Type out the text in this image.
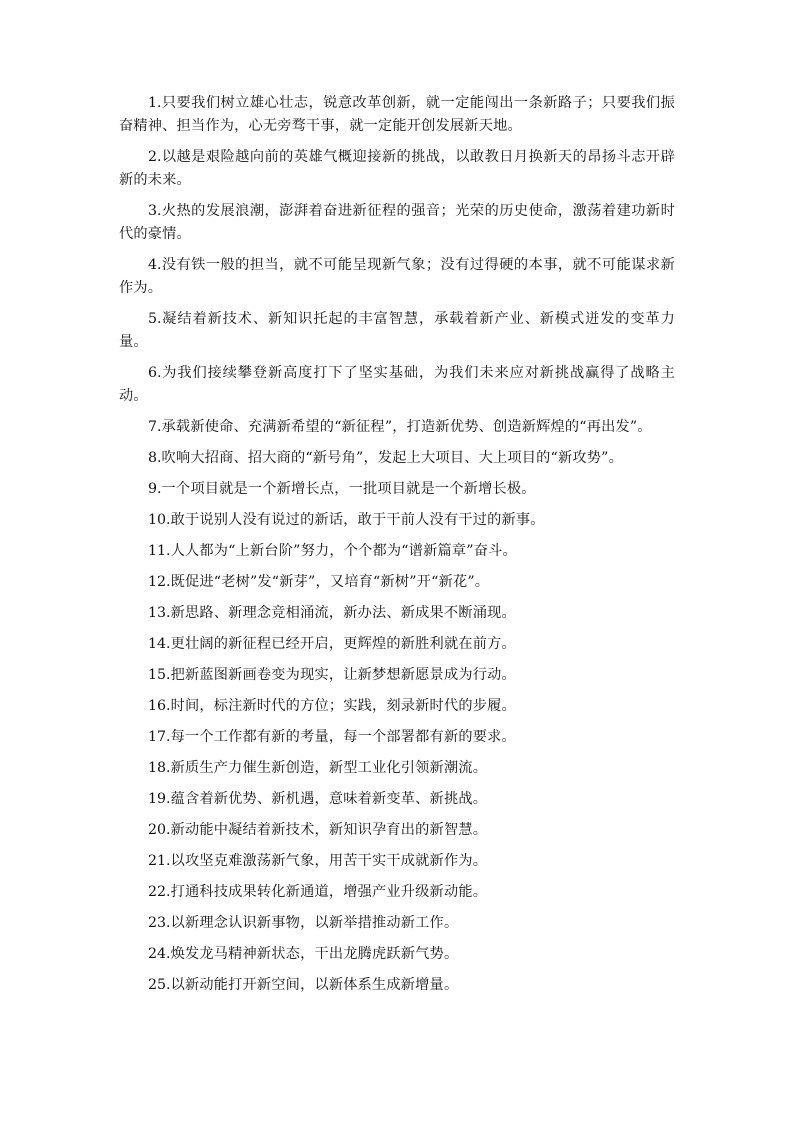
1.只要我们树立雄心壮志，锐意改革创新，就一定能闯出一条新路子；只要我们振奋精神、担当作为，心无旁骛干事，就一定能开创发展新天地。

2.以越是艰险越向前的英雄气概迎接新的挑战，以敢教日月换新天的昂扬斗志开辟新的未来。

3.火热的发展浪潮，澎湃着奋进新征程的强音；光荣的历史使命，激荡着建功新时代的豪情。

4.没有铁一般的担当，就不可能呈现新气象；没有过得硬的本事，就不可能谋求新作为。

5.凝结着新技术、新知识托起的丰富智慧，承载着新产业、新模式迸发的变革力量。

6.为我们接续攀登新高度打下了坚实基础，为我们未来应对新挑战赢得了战略主动。

7.承载新使命、充满新希望的“新征程”，打造新优势、创造新辉煌的“再出发”。

8.吹响大招商、招大商的“新号角”，发起上大项目、大上项目的“新攻势”。

9.一个项目就是一个新增长点，一批项目就是一个新增长极。

10.敢于说别人没有说过的新话，敢于干前人没有干过的新事。

11.人人都为“上新台阶”努力，个个都为“谱新篇章”奋斗。

12.既促进“老树”发“新芽”，又培育“新树”开“新花”。

13.新思路、新理念竞相涌流，新办法、新成果不断涌现。

14.更壮阔的新征程已经开启，更辉煌的新胜利就在前方。

15.把新蓝图新画卷变为现实，让新梦想新愿景成为行动。

16.时间，标注新时代的方位；实践，刻录新时代的步履。

17.每一个工作都有新的考量，每一个部署都有新的要求。

18.新质生产力催生新创造，新型工业化引领新潮流。

19.蕴含着新优势、新机遇，意味着新变革、新挑战。

20.新动能中凝结着新技术，新知识孕育出的新智慧。

21.以攻坚克难激荡新气象，用苦干实干成就新作为。

22.打通科技成果转化新通道，增强产业升级新动能。

23.以新理念认识新事物，以新举措推动新工作。

24.焕发龙马精神新状态，干出龙腾虎跃新气势。

25.以新动能打开新空间，以新体系生成新增量。
